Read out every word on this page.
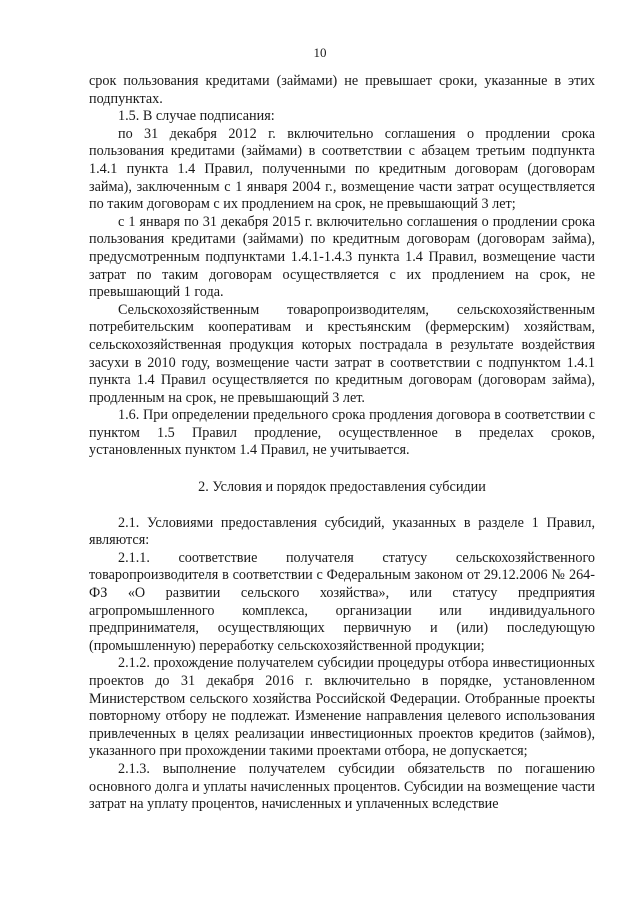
10

срок пользования кредитами (займами) не превышает сроки, указанные в этих подпунктах.

1.5. В случае подписания:

по 31 декабря 2012 г. включительно соглашения о продлении срока пользования кредитами (займами) в соответствии с абзацем третьим подпункта 1.4.1 пункта 1.4 Правил, полученными по кредитным договорам (договорам займа), заключенным с 1 января 2004 г., возмещение части затрат осуществляется по таким договорам с их продлением на срок, не превышающий 3 лет;

с 1 января по 31 декабря 2015 г. включительно соглашения о продлении срока пользования кредитами (займами) по кредитным договорам (договорам займа), предусмотренным подпунктами 1.4.1-1.4.3 пункта 1.4 Правил, возмещение части затрат по таким договорам осуществляется с их продлением на срок, не превышающий 1 года.

Сельскохозяйственным товаропроизводителям, сельскохозяйственным потребительским кооперативам и крестьянским (фермерским) хозяйствам, сельскохозяйственная продукция которых пострадала в результате воздействия засухи в 2010 году, возмещение части затрат в соответствии с подпунктом 1.4.1 пункта 1.4 Правил осуществляется по кредитным договорам (договорам займа), продленным на срок, не превышающий 3 лет.

1.6. При определении предельного срока продления договора в соответствии с пунктом 1.5 Правил продление, осуществленное в пределах сроков, установленных пунктом 1.4 Правил, не учитывается.

2. Условия и порядок предоставления субсидии

2.1. Условиями предоставления субсидий, указанных в разделе 1 Правил, являются:

2.1.1. соответствие получателя статусу сельскохозяйственного товаропроизводителя в соответствии с Федеральным законом от 29.12.2006 № 264-ФЗ «О развитии сельского хозяйства», или статусу предприятия агропромышленного комплекса, организации или индивидуального предпринимателя, осуществляющих первичную и (или) последующую (промышленную) переработку сельскохозяйственной продукции;

2.1.2. прохождение получателем субсидии процедуры отбора инвестиционных проектов до 31 декабря 2016 г. включительно в порядке, установленном Министерством сельского хозяйства Российской Федерации. Отобранные проекты повторному отбору не подлежат. Изменение направления целевого использования привлеченных в целях реализации инвестиционных проектов кредитов (займов), указанного при прохождении такими проектами отбора, не допускается;

2.1.3. выполнение получателем субсидии обязательств по погашению основного долга и уплаты начисленных процентов. Субсидии на возмещение части затрат на уплату процентов, начисленных и уплаченных вследствие
